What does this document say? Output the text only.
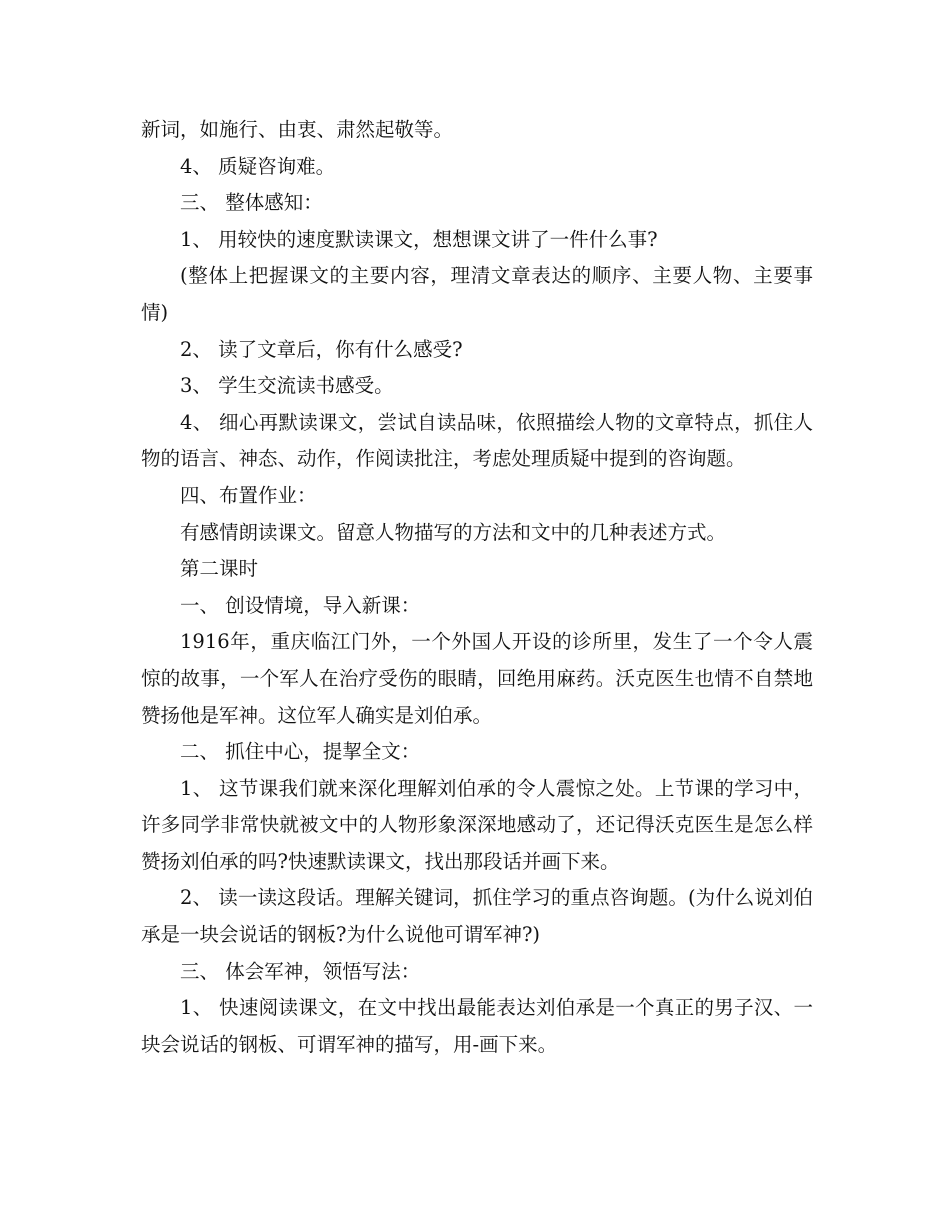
新词，如施行、由衷、肃然起敬等。

4、 质疑咨询难。

三、 整体感知：

1、 用较快的速度默读课文，想想课文讲了一件什么事?

(整体上把握课文的主要内容，理清文章表达的顺序、主要人物、主要事情)

2、 读了文章后，你有什么感受?

3、 学生交流读书感受。

4、 细心再默读课文，尝试自读品味，依照描绘人物的文章特点，抓住人物的语言、神态、动作，作阅读批注，考虑处理质疑中提到的咨询题。

四、布置作业：

有感情朗读课文。留意人物描写的方法和文中的几种表述方式。

第二课时

一、 创设情境，导入新课：

1916年，重庆临江门外，一个外国人开设的诊所里，发生了一个令人震惊的故事，一个军人在治疗受伤的眼睛，回绝用麻药。沃克医生也情不自禁地赞扬他是军神。这位军人确实是刘伯承。

二、 抓住中心，提挈全文：

1、 这节课我们就来深化理解刘伯承的令人震惊之处。上节课的学习中，许多同学非常快就被文中的人物形象深深地感动了，还记得沃克医生是怎么样赞扬刘伯承的吗?快速默读课文，找出那段话并画下来。

2、 读一读这段话。理解关键词，抓住学习的重点咨询题。(为什么说刘伯承是一块会说话的钢板?为什么说他可谓军神?)

三、 体会军神，领悟写法：

1、 快速阅读课文，在文中找出最能表达刘伯承是一个真正的男子汉、一块会说话的钢板、可谓军神的描写，用-画下来。
